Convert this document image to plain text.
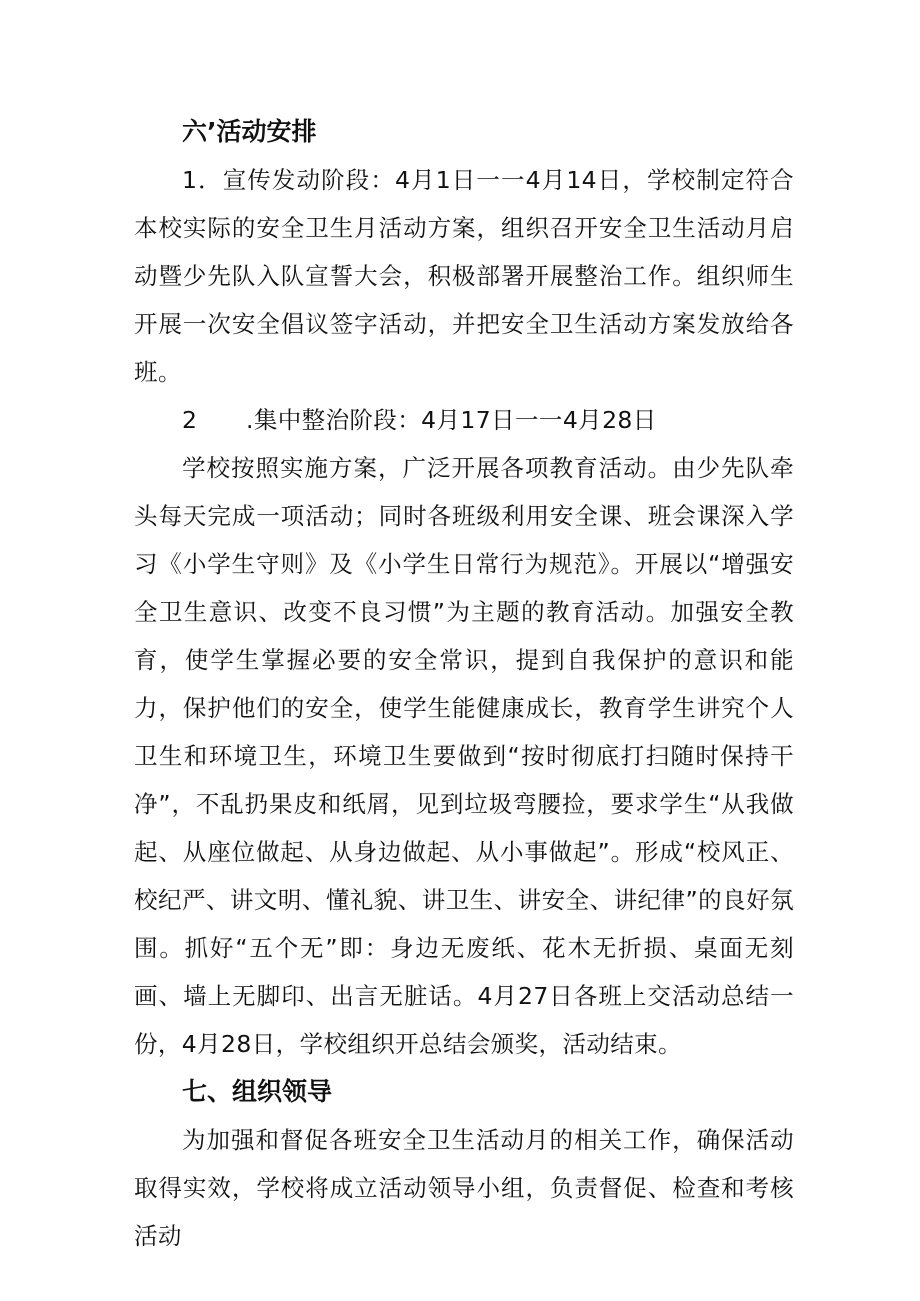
六’活动安排

1．宣传发动阶段：4月1日一一4月14日，学校制定符合本校实际的安全卫生月活动方案，组织召开安全卫生活动月启动暨少先队入队宣誓大会，积极部署开展整治工作。组织师生开展一次安全倡议签字活动，并把安全卫生活动方案发放给各班。

2 .集中整治阶段：4月17日一一4月28日

学校按照实施方案，广泛开展各项教育活动。由少先队牵头每天完成一项活动；同时各班级利用安全课、班会课深入学习《小学生守则》及《小学生日常行为规范》。开展以“增强安全卫生意识、改变不良习惯”为主题的教育活动。加强安全教育，使学生掌握必要的安全常识，提到自我保护的意识和能力，保护他们的安全，使学生能健康成长，教育学生讲究个人卫生和环境卫生，环境卫生要做到“按时彻底打扫随时保持干净”，不乱扔果皮和纸屑，见到垃圾弯腰捡，要求学生“从我做起、从座位做起、从身边做起、从小事做起”。形成“校风正、校纪严、讲文明、懂礼貌、讲卫生、讲安全、讲纪律”的良好氛围。抓好“五个无”即：身边无废纸、花木无折损、桌面无刻画、墙上无脚印、出言无脏话。4月27日各班上交活动总结一份，4月28日，学校组织开总结会颁奖，活动结束。

七、组织领导

为加强和督促各班安全卫生活动月的相关工作，确保活动取得实效，学校将成立活动领导小组，负责督促、检查和考核活动
